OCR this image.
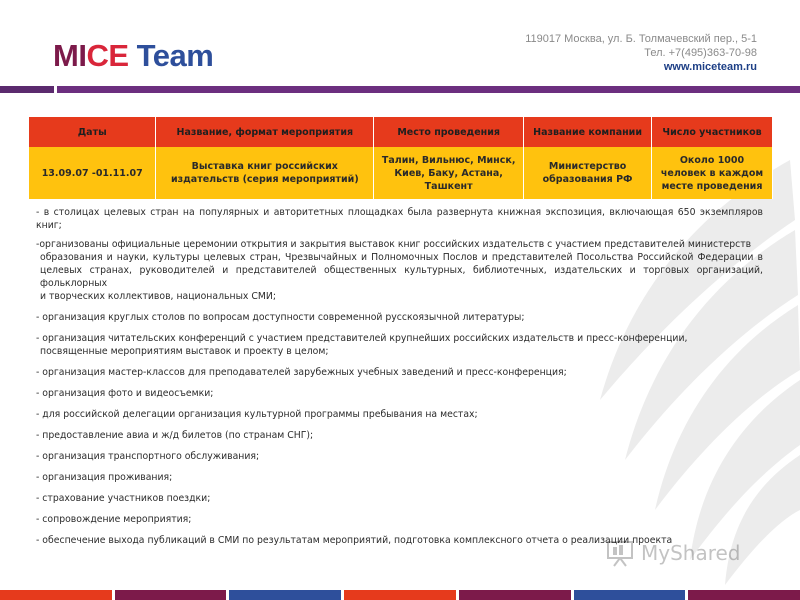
MICE Team	119017 Москва, ул. Б. Толмачевский пер., 5-1
Тел. +7(495)363-70-98
www.miceteam.ru
Даты	Название, формат мероприятия	Место проведения	Название компании	Число участников
13.09.07 -01.11.07	Выставка книг российских издательств (серия мероприятий)	Талин, Вильнюс, Минск, Киев, Баку, Астана, Ташкент	Министерство образования РФ	Около 1000 человек в каждом месте проведения

- в столицах целевых стран на популярных и авторитетных площадках была развернута книжная экспозиция, включающая 650 экземпляров книг;

-организованы официальные церемонии открытия и закрытия выставок книг российских издательств с участием представителей министерств
образования и науки, культуры целевых стран, Чрезвычайных и Полномочных Послов и представителей Посольства Российской Федерации в целевых странах, руководителей и представителей общественных культурных, библиотечных, издательских и торговых организаций, фольклорных
и творческих коллективов, национальных СМИ;

- организация круглых столов по вопросам доступности современной русскоязычной литературы;

- организация читательских конференций с участием представителей крупнейших российских издательств и пресс-конференции,
посвященные мероприятиям выставок и проекту в целом;

- организация мастер-классов для преподавателей зарубежных учебных заведений и пресс-конференция;

- организация фото и видеосъемки;

- для российской делегации организация культурной программы пребывания на местах;

- предоставление авиа и ж/д билетов (по странам СНГ);

- организация транспортного обслуживания;

- организация проживания;

- страхование участников поездки;

- сопровождение мероприятия;

- обеспечение выхода публикаций в СМИ по результатам мероприятий, подготовка комплексного отчета о реализации проекта

MyShared
